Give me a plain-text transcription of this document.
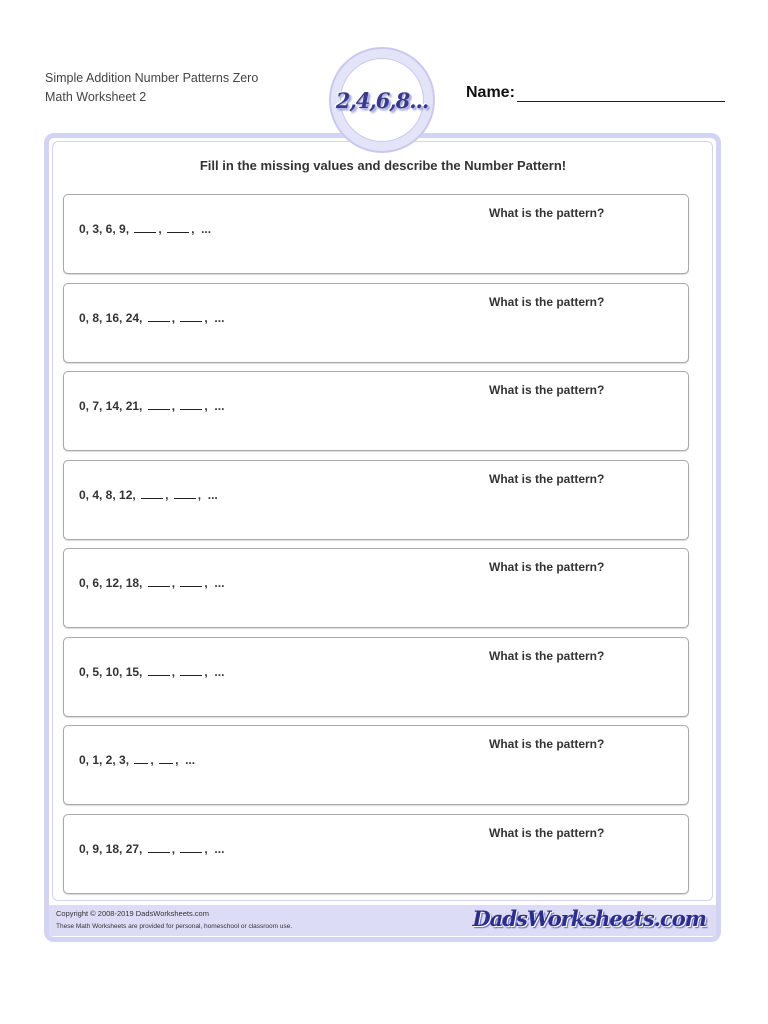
Simple Addition Number Patterns Zero
Math Worksheet 2	Name:
2,4,6,8...
Fill in the missing values and describe the Number Pattern!
0, 3, 6, 9, , ,  ...
What is the pattern?
0, 8, 16, 24, , ,  ...
What is the pattern?
0, 7, 14, 21, , ,  ...
What is the pattern?
0, 4, 8, 12, , ,  ...
What is the pattern?
0, 6, 12, 18, , ,  ...
What is the pattern?
0, 5, 10, 15, , ,  ...
What is the pattern?
0, 1, 2, 3, , ,  ...
What is the pattern?
0, 9, 18, 27, , ,  ...
What is the pattern?
Copyright © 2008-2019 DadsWorksheets.com
These Math Worksheets are provided for personal, homeschool or classroom use.	DadsWorksheets.com
